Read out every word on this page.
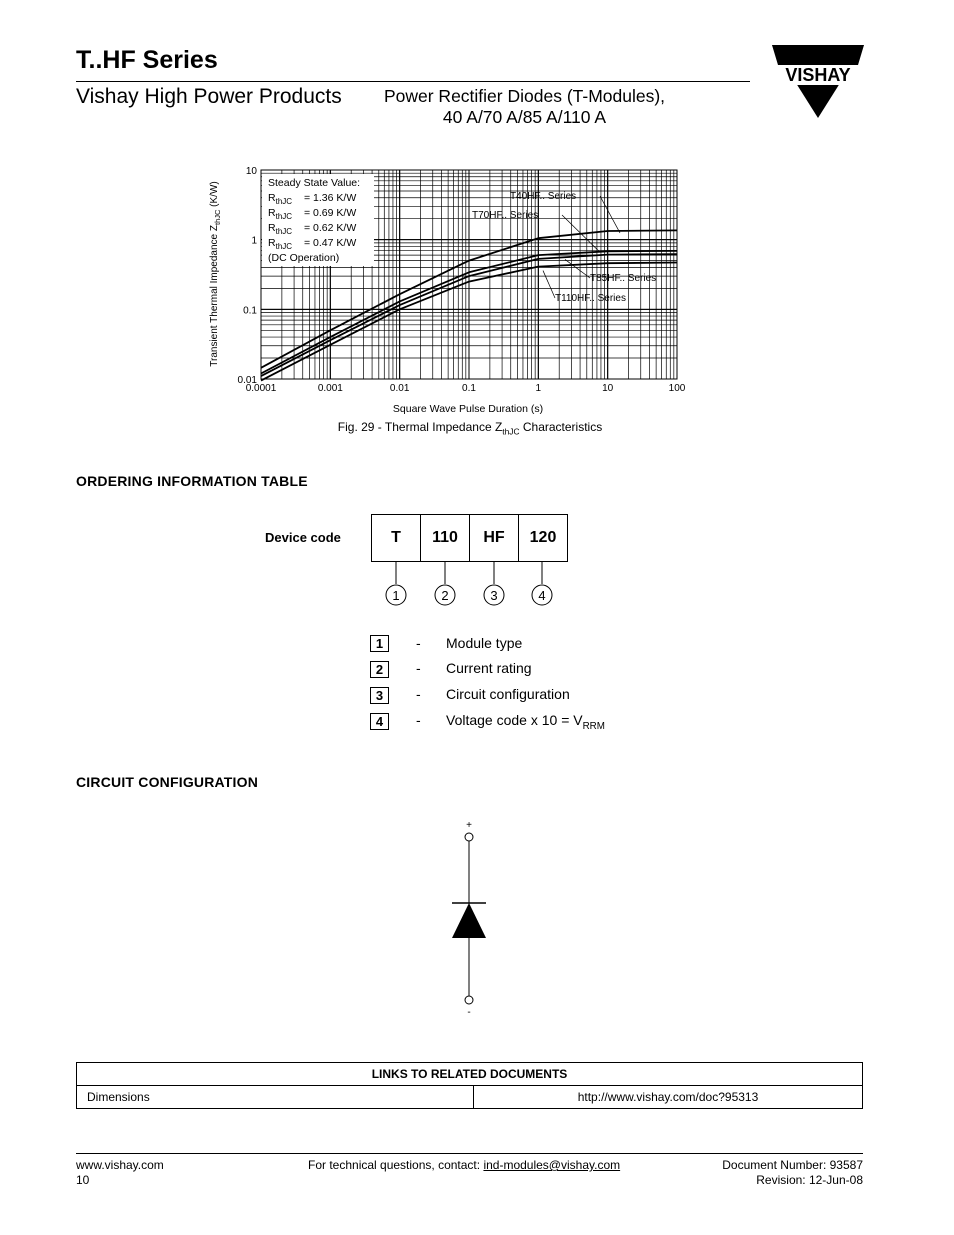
T..HF Series
Vishay High Power Products	Power Rectifier Diodes (T-Modules),
40 A/70 A/85 A/110 A
VISHAY
0.0001	0.001	0.01	0.1	1	10	100
0.01
0.1
1
10
Steady State Value:
$R_{thJC} = 1.36$ K/W
$R_{thJC} = 0.69$ K/W
$R_{thJC} = 0.62$ K/W
$R_{thJC} = 0.47$ K/W
(DC Operation)
T40HF.. Series
T70HF.. Series
T85HF.. Series
T110HF.. Series
Square Wave Pulse Duration (s)
Transient Thermal Impedance $Z_{thJC}$ (K/W)
Fig. 29 - Thermal Impedance $Z_{thJC}$ Characteristics
ORDERING INFORMATION TABLE
Device code	T	110	HF	120
1	2	3	4
1	- Module type
2	- Current rating
3	- Circuit configuration
4	- Voltage code x $10 = V_{RRM}$
CIRCUIT CONFIGURATION
+
-
LINKS TO RELATED DOCUMENTS
Dimensions	http://www.vishay.com/doc?95313
www.vishay.com
10
For technical questions, contact: ind-modules@vishay.com	Document Number: 93587
Revision: 12-Jun-08
